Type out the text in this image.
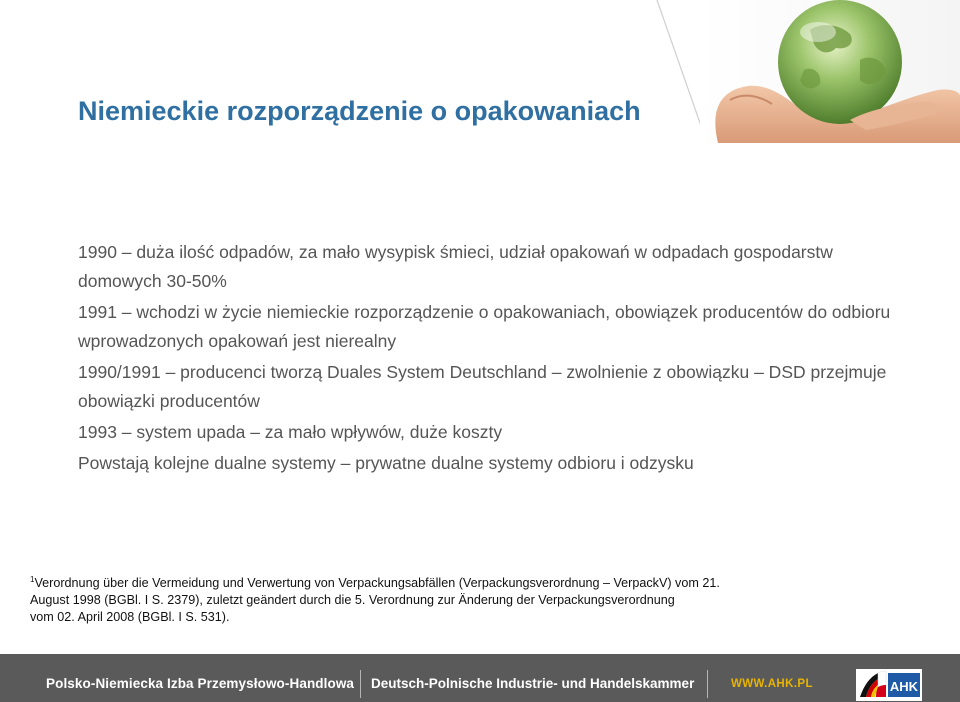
Niemieckie rozporządzenie o opakowaniach
1990 – duża ilość odpadów, za mało wysypisk śmieci, udział opakowań w odpadach gospodarstw domowych 30-50%
1991 – wchodzi w życie niemieckie rozporządzenie o opakowaniach, obowiązek producentów do odbioru wprowadzonych opakowań jest nierealny
1990/1991 – producenci tworzą Duales System Deutschland – zwolnienie z obowiązku – DSD przejmuje obowiązki producentów
1993 – system upada – za mało wpływów, duże koszty
Powstają kolejne dualne systemy – prywatne dualne systemy odbioru i odzysku
$^1$Verordnung über die Vermeidung und Verwertung von Verpackungsabfällen (Verpackungsverordnung – VerpackV) vom 21.
August 1998 (BGBl. I S. 2379), zuletzt geändert durch die 5. Verordnung zur Änderung der Verpackungsverordnung
vom 02. April 2008 (BGBl. I S. 531).
Polsko-Niemiecka Izba Przemysłowo-Handlowa Deutsch-Polnische Industrie- und Handelskammer	WWW.AHK.PL	AHK
